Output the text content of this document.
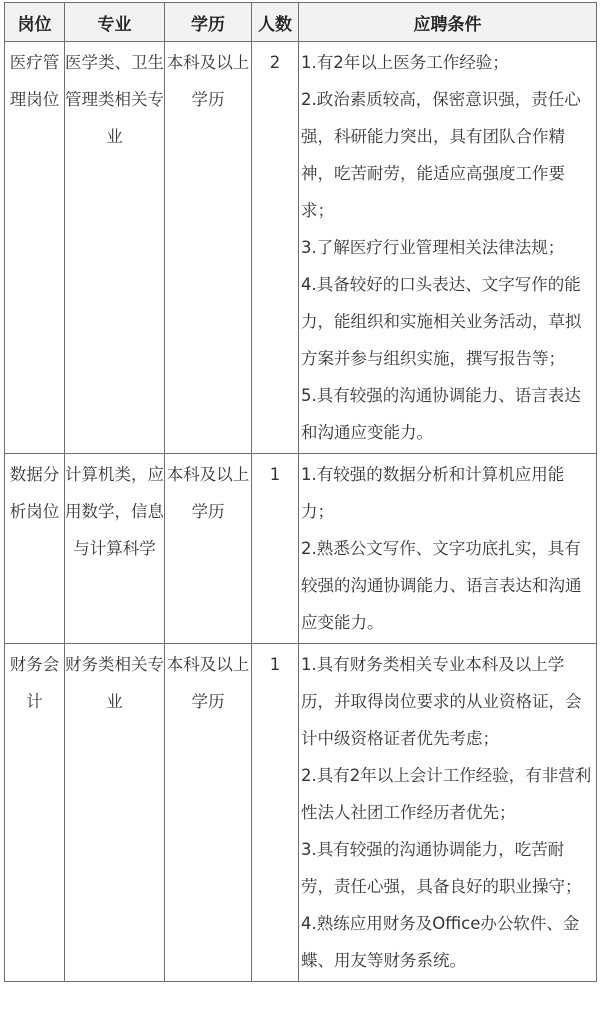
岗位	专业	学历	人数	应聘条件
医疗管理岗位	医学类、卫生管理类相关专业	本科及以上学历	2	1.有2年以上医务工作经验；
2.政治素质较高，保密意识强，责任心强，科研能力突出，具有团队合作精神，吃苦耐劳，能适应高强度工作要求；
3.了解医疗行业管理相关法律法规；
4.具备较好的口头表达、文字写作的能力，能组织和实施相关业务活动，草拟方案并参与组织实施，撰写报告等；
5.具有较强的沟通协调能力、语言表达和沟通应变能力。

数据分析岗位	计算机类，应用数学，信息与计算科学	本科及以上学历	1	1.有较强的数据分析和计算机应用能力；
2.熟悉公文写作、文字功底扎实，具有较强的沟通协调能力、语言表达和沟通应变能力。

财务会计	财务类相关专业	本科及以上学历	1	1.具有财务类相关专业本科及以上学历，并取得岗位要求的从业资格证，会计中级资格证者优先考虑；
2.具有2年以上会计工作经验，有非营利性法人社团工作经历者优先；
3.具有较强的沟通协调能力，吃苦耐劳，责任心强，具备良好的职业操守；
4.熟练应用财务及Office办公软件、金蝶、用友等财务系统。
